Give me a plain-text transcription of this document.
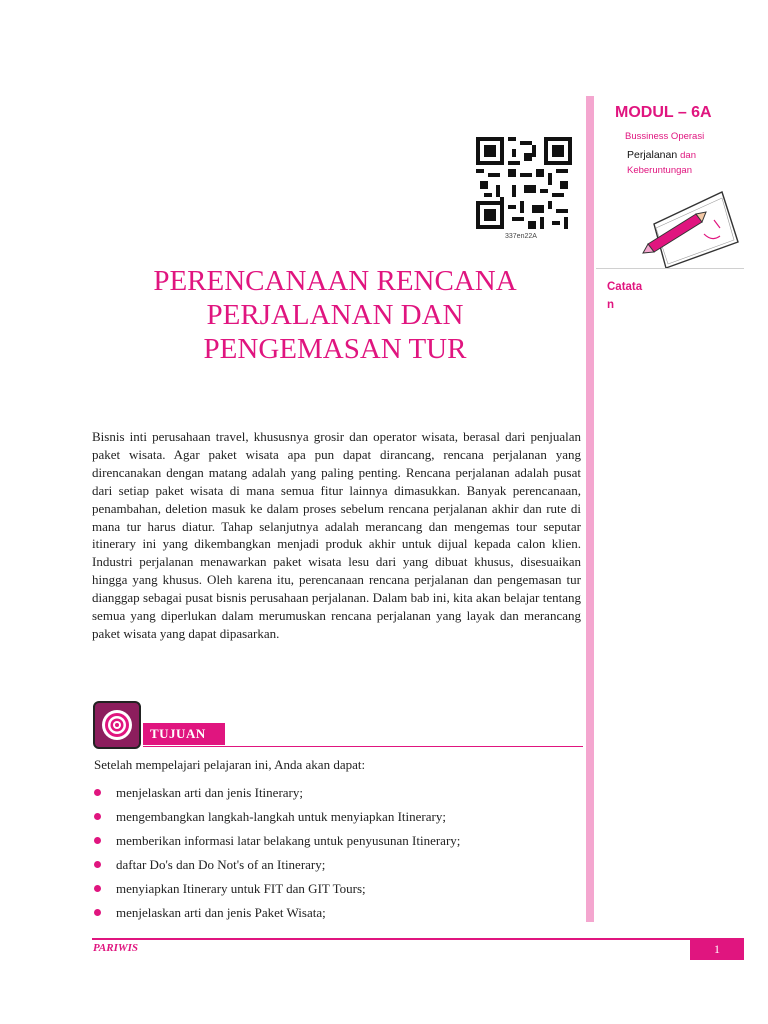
MODUL – 6A
Bussiness Operasi
Perjalanan dan
Keberuntungan
Catatan
337en22A
PERENCANAAN RENCANA
PERJALANAN DAN
PENGEMASAN TUR
Bisnis inti perusahaan travel, khususnya grosir dan operator wisata, berasal dari penjualan paket wisata. Agar paket wisata apa pun dapat dirancang, rencana perjalanan yang direncanakan dengan matang adalah yang paling penting. Rencana perjalanan adalah pusat dari setiap paket wisata di mana semua fitur lainnya dimasukkan. Banyak perencanaan, penambahan, deletion masuk ke dalam proses sebelum rencana perjalanan akhir dan rute di mana tur harus diatur. Tahap selanjutnya adalah merancang dan mengemas tour seputar itinerary ini yang dikembangkan menjadi produk akhir untuk dijual kepada calon klien. Industri perjalanan menawarkan paket wisata lesu dari yang dibuat khusus, disesuaikan hingga yang khusus. Oleh karena itu, perencanaan rencana perjalanan dan pengemasan tur dianggap sebagai pusat bisnis perusahaan perjalanan. Dalam bab ini, kita akan belajar tentang semua yang diperlukan dalam merumuskan rencana perjalanan yang layak dan merancang paket wisata yang dapat dipasarkan.
TUJUAN
Setelah mempelajari pelajaran ini, Anda akan dapat:
menjelaskan arti dan jenis Itinerary;
mengembangkan langkah-langkah untuk menyiapkan Itinerary;
memberikan informasi latar belakang untuk penyusunan Itinerary;
daftar Do's dan Do Not's of an Itinerary;
menyiapkan Itinerary untuk FIT dan GIT Tours;
menjelaskan arti dan jenis Paket Wisata;
PARIWIS	1
